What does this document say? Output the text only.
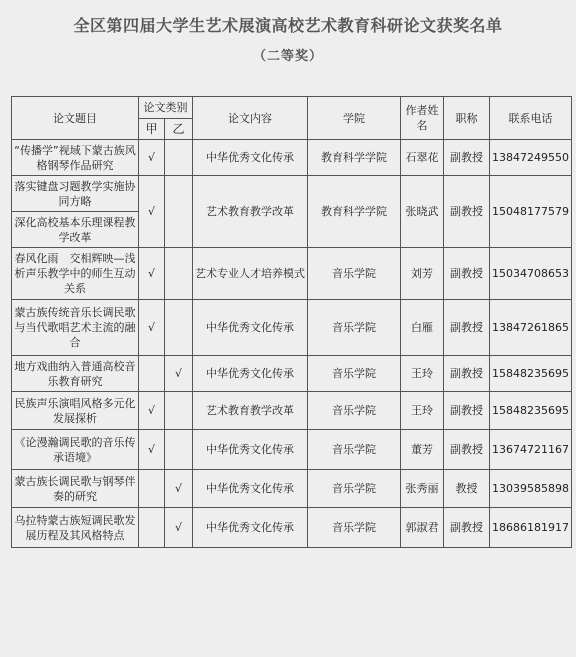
全区第四届大学生艺术展演高校艺术教育科研论文获奖名单
（二等奖）
论文题目	论文类别		论文内容	学院	作者姓名	职称	联系电话
	甲	乙					
“传播学”视域下蒙古族风格钢琴作品研究	√		中华优秀文化传承	教育科学学院	石翠花	副教授	13847249550
落实键盘习题教学实施协同方略	√		艺术教育教学改革	教育科学学院	张晓武	副教授	15048177579
深化高校基本乐理课程教学改革							
春风化雨　交相辉映—浅析声乐教学中的师生互动关系	√		艺术专业人才培养模式	音乐学院	刘芳	副教授	15034708653
蒙古族传统音乐长调民歌与当代歌唱艺术主流的融合	√		中华优秀文化传承	音乐学院	白雁	副教授	13847261865
地方戏曲纳入普通高校音乐教育研究		√	中华优秀文化传承	音乐学院	王玲	副教授	15848235695
民族声乐演唱风格多元化发展探析	√		艺术教育教学改革	音乐学院	王玲	副教授	15848235695
《论漫瀚调民歌的音乐传承语境》	√		中华优秀文化传承	音乐学院	董芳	副教授	13674721167
蒙古族长调民歌与钢琴伴奏的研究		√	中华优秀文化传承	音乐学院	张秀丽	教授	13039585898
乌拉特蒙古族短调民歌发展历程及其风格特点		√	中华优秀文化传承	音乐学院	郭淑君	副教授	18686181917
